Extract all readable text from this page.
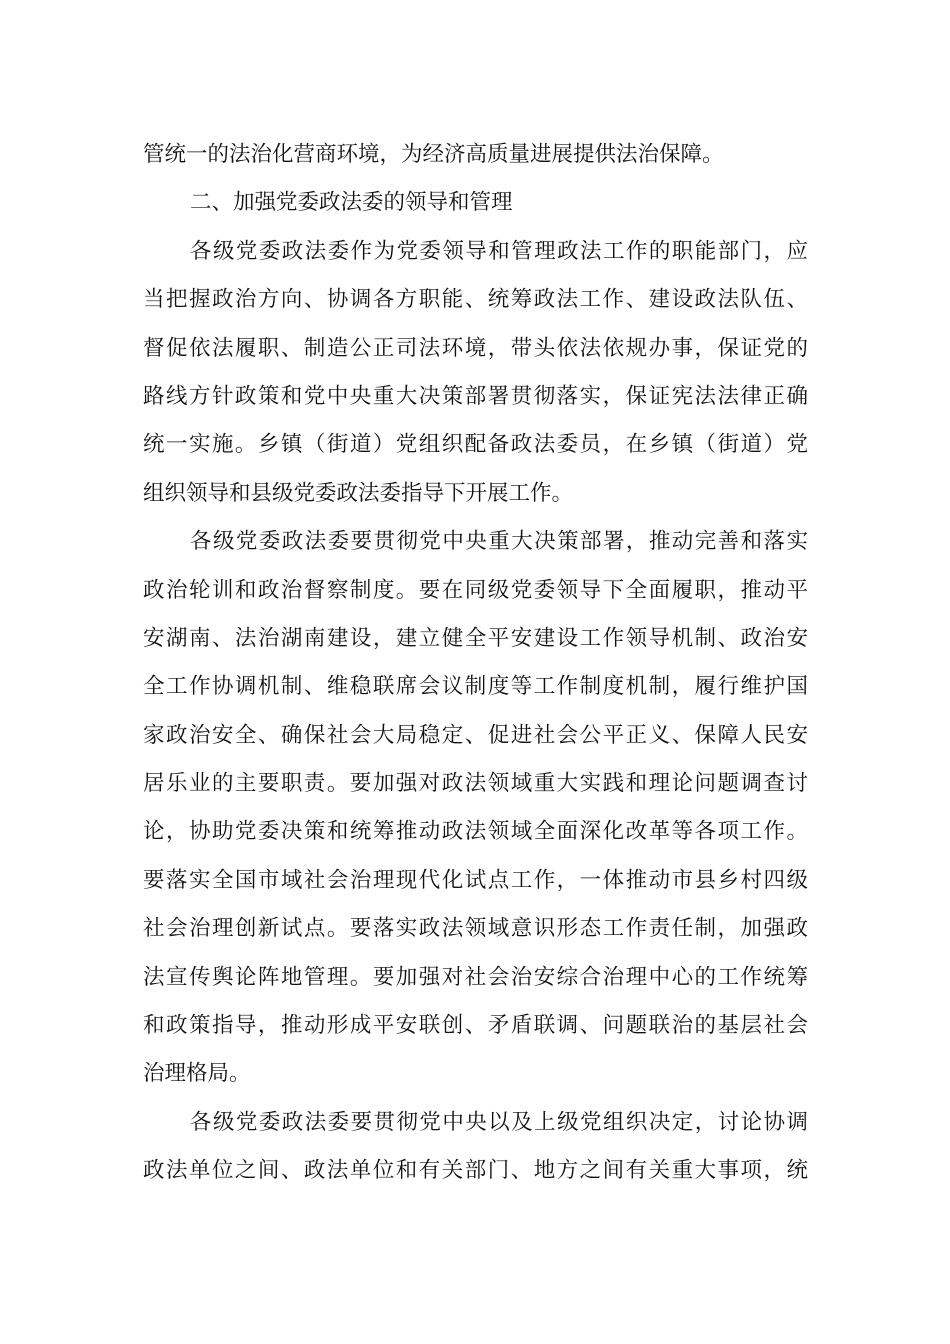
管统一的法治化营商环境，为经济高质量进展提供法治保障。
二、加强党委政法委的领导和管理
各级党委政法委作为党委领导和管理政法工作的职能部门，应
当把握政治方向、协调各方职能、统筹政法工作、建设政法队伍、
督促依法履职、制造公正司法环境，带头依法依规办事，保证党的
路线方针政策和党中央重大决策部署贯彻落实，保证宪法法律正确
统一实施。乡镇（街道）党组织配备政法委员，在乡镇（街道）党
组织领导和县级党委政法委指导下开展工作。
各级党委政法委要贯彻党中央重大决策部署，推动完善和落实
政治轮训和政治督察制度。要在同级党委领导下全面履职，推动平
安湖南、法治湖南建设，建立健全平安建设工作领导机制、政治安
全工作协调机制、维稳联席会议制度等工作制度机制，履行维护国
家政治安全、确保社会大局稳定、促进社会公平正义、保障人民安
居乐业的主要职责。要加强对政法领域重大实践和理论问题调查讨
论，协助党委决策和统筹推动政法领域全面深化改革等各项工作。
要落实全国市域社会治理现代化试点工作，一体推动市县乡村四级
社会治理创新试点。要落实政法领域意识形态工作责任制，加强政
法宣传舆论阵地管理。要加强对社会治安综合治理中心的工作统筹
和政策指导，推动形成平安联创、矛盾联调、问题联治的基层社会
治理格局。
各级党委政法委要贯彻党中央以及上级党组织决定，讨论协调
政法单位之间、政法单位和有关部门、地方之间有关重大事项，统
